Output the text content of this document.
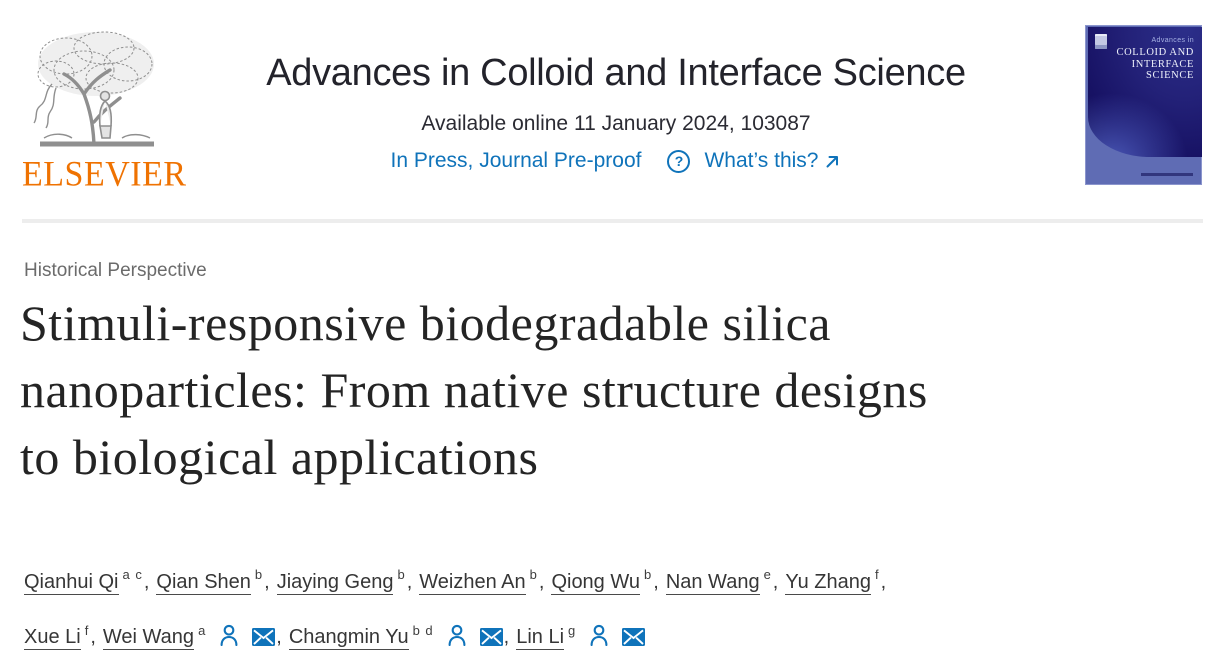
ELSEVIER
Advances in Colloid and Interface Science
Available online 11 January 2024, 103087
In Press, Journal Pre-proof	?	What’s this?
Advances in
COLLOID AND
INTERFACE
SCIENCE

Historical Perspective

Stimuli-responsive biodegradable silica
nanoparticles: From native structure designs
to biological applications

Qianhui Qi $^{a c}$, Qian Shen $^b$, Jiaying Geng $^b$, Weizhen An $^b$, Qiong Wu $^b$, Nan Wang $^e$, Yu Zhang $^f$,
Xue Li $^f$, Wei Wang $^a$	, Changmin Yu $^{b d}$	, Lin Li $^g$
